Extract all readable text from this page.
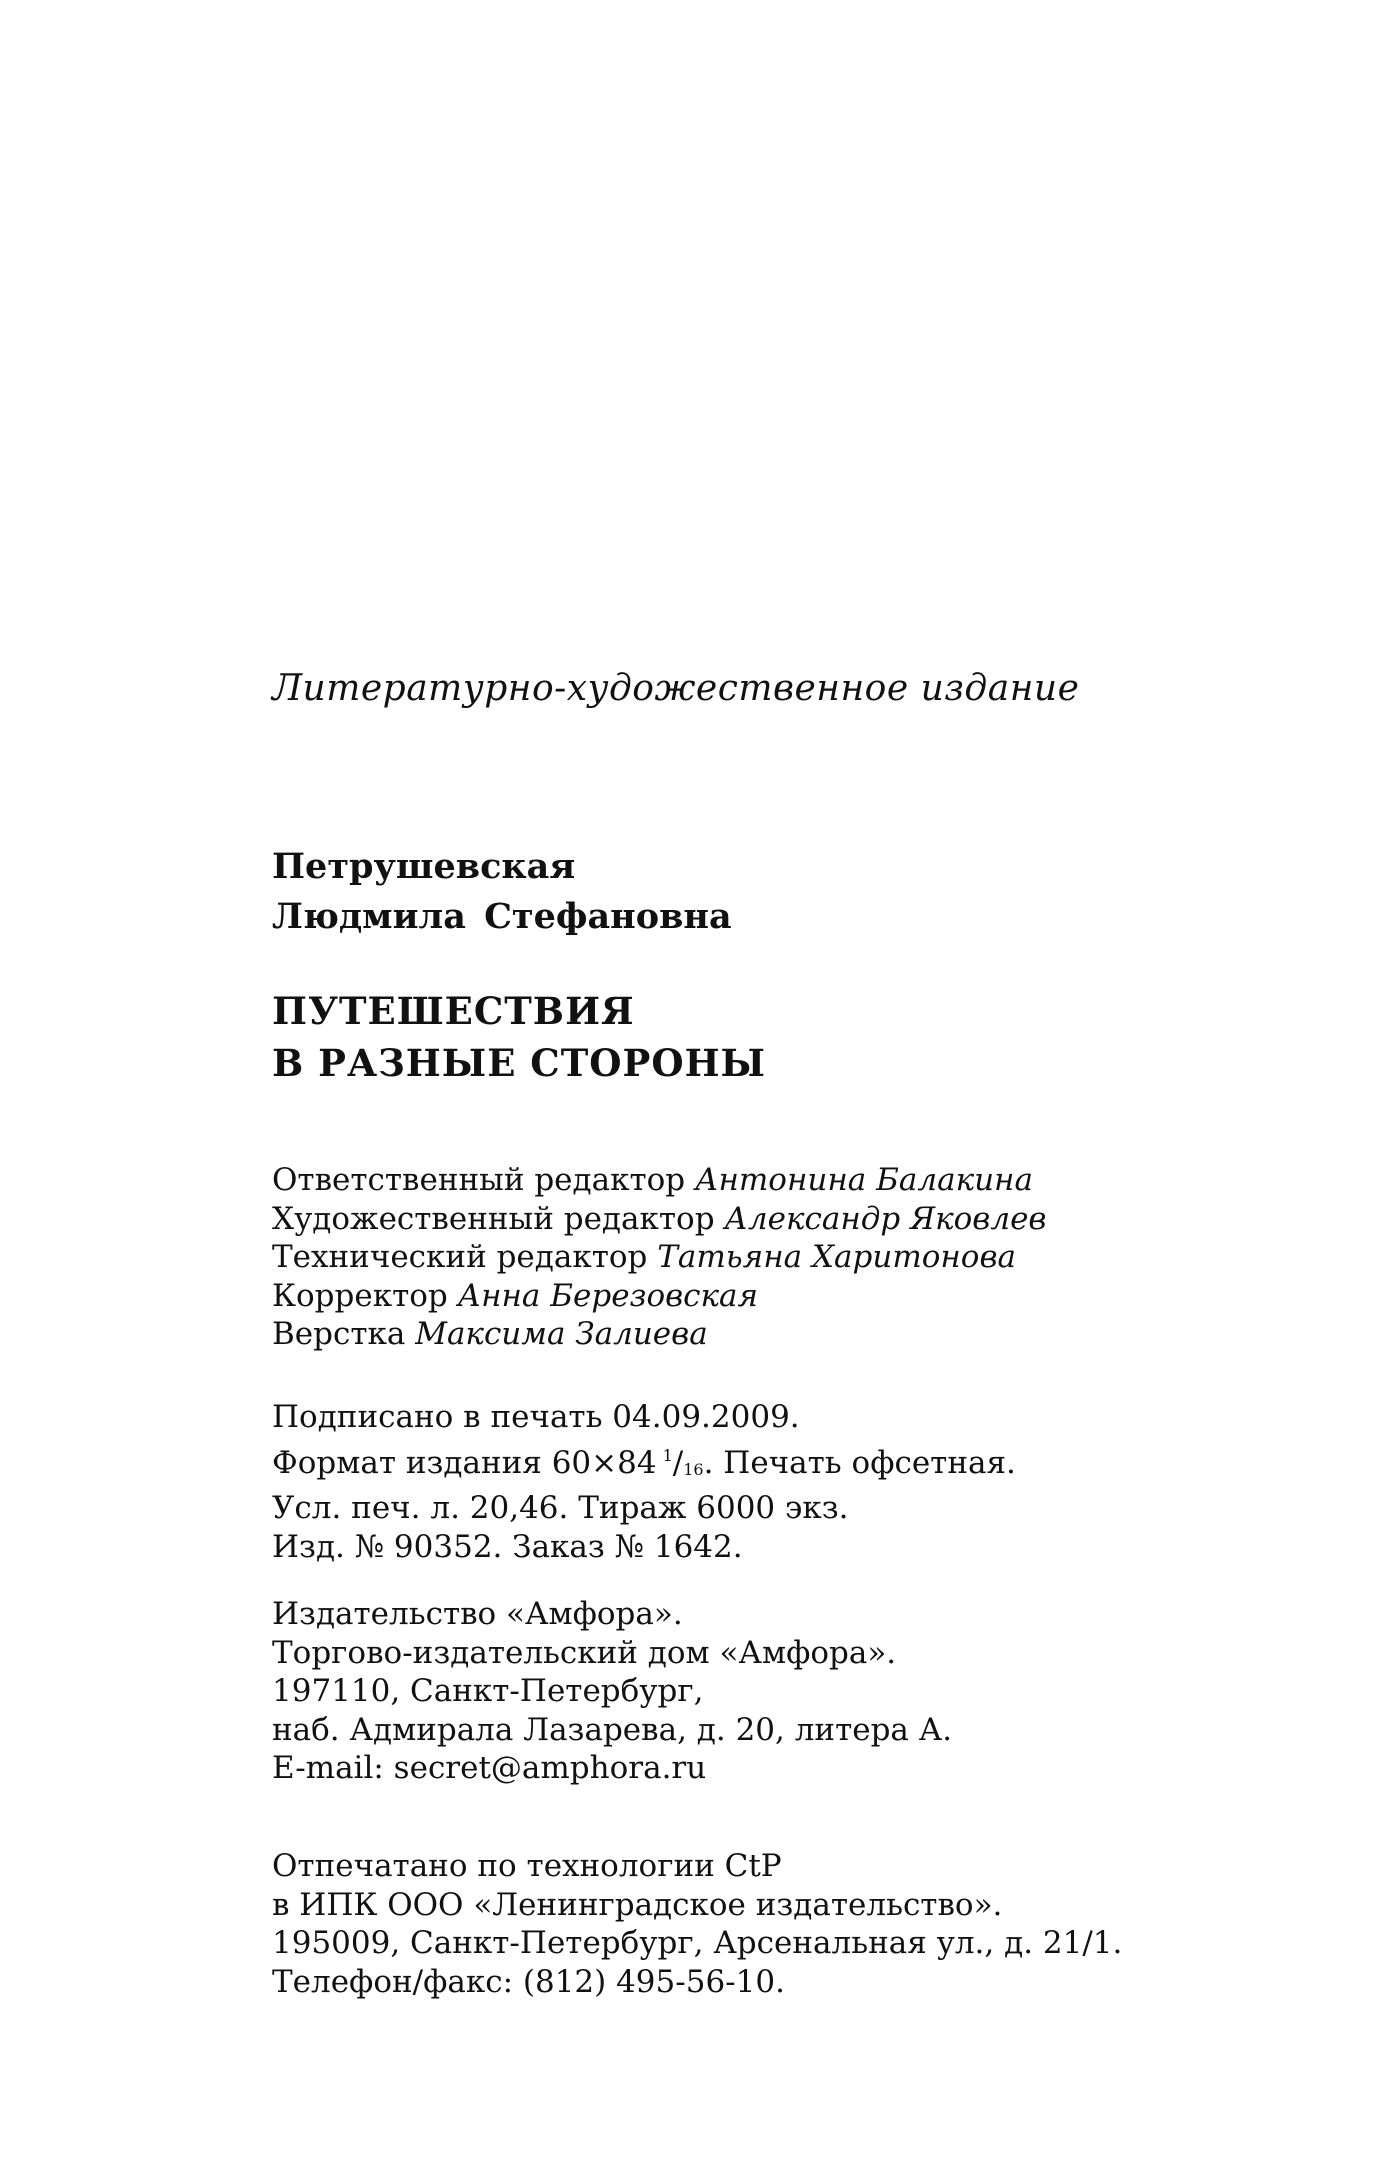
Литературно-художественное издание
Петрушевская
Людмила Стефановна
ПУТЕШЕСТВИЯ
В РАЗНЫЕ СТОРОНЫ
Ответственный редактор Антонина Балакина
Художественный редактор Александр Яковлев
Технический редактор Татьяна Харитонова
Корректор Анна Березовская
Верстка Максима Залиева
Подписано в печать 04.09.2009.
Формат издания 60×84 $^1$/16. Печать офсетная.
Усл. печ. л. 20,46. Тираж 6000 экз.
Изд. № 90352. Заказ № 1642.
Издательство «Амфора».
Торгово-издательский дом «Амфора».
197110, Санкт-Петербург,
наб. Адмирала Лазарева, д. 20, литера А.
E-mail: secret@amphora.ru
Отпечатано по технологии CtP
в ИПК ООО «Ленинградское издательство».
195009, Санкт-Петербург, Арсенальная ул., д. 21/1.
Телефон/факс: (812) 495-56-10.
